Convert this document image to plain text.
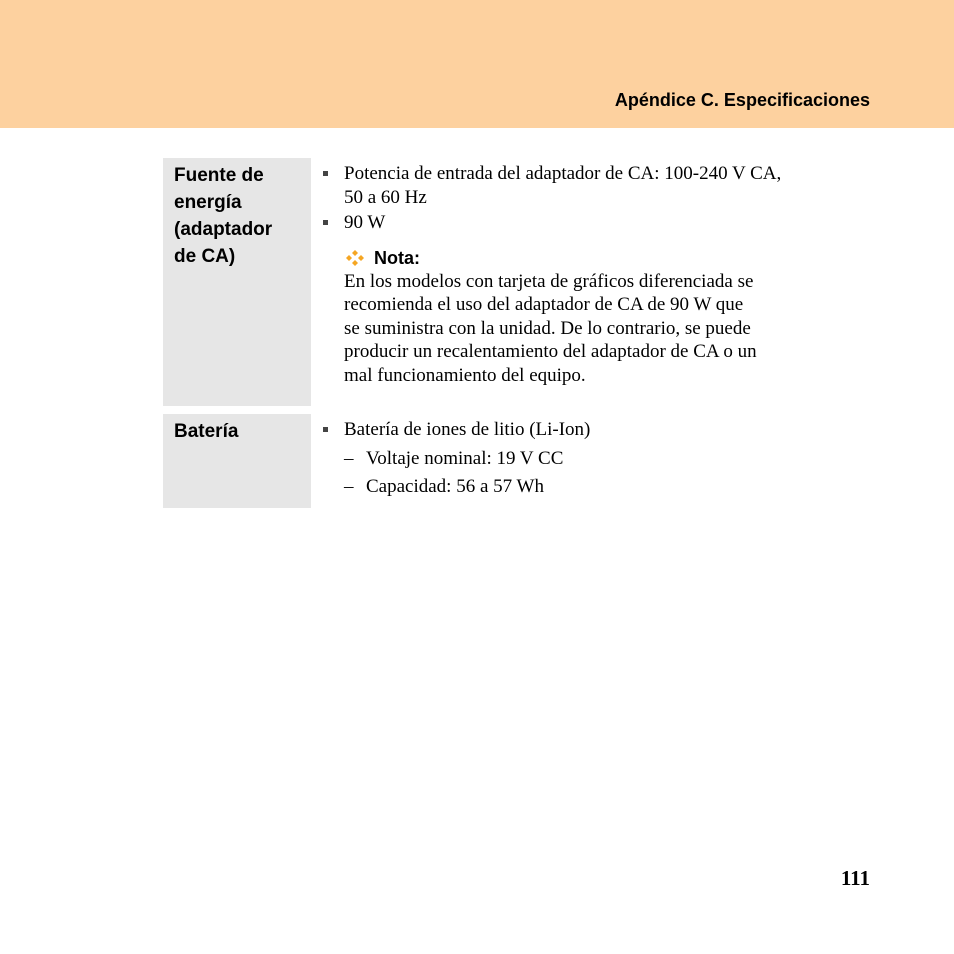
Apéndice C. Especificaciones
Fuente de
energía
(adaptador
de CA)
Potencia de entrada del adaptador de CA: 100-240 V CA,
50 a 60 Hz
90 W
Nota:
En los modelos con tarjeta de gráficos diferenciada se
recomienda el uso del adaptador de CA de 90 W que
se suministra con la unidad. De lo contrario, se puede
producir un recalentamiento del adaptador de CA o un
mal funcionamiento del equipo.
Batería	Batería de iones de litio (Li-Ion)
– Voltaje nominal: 19 V CC
– Capacidad: 56 a 57 Wh
111
